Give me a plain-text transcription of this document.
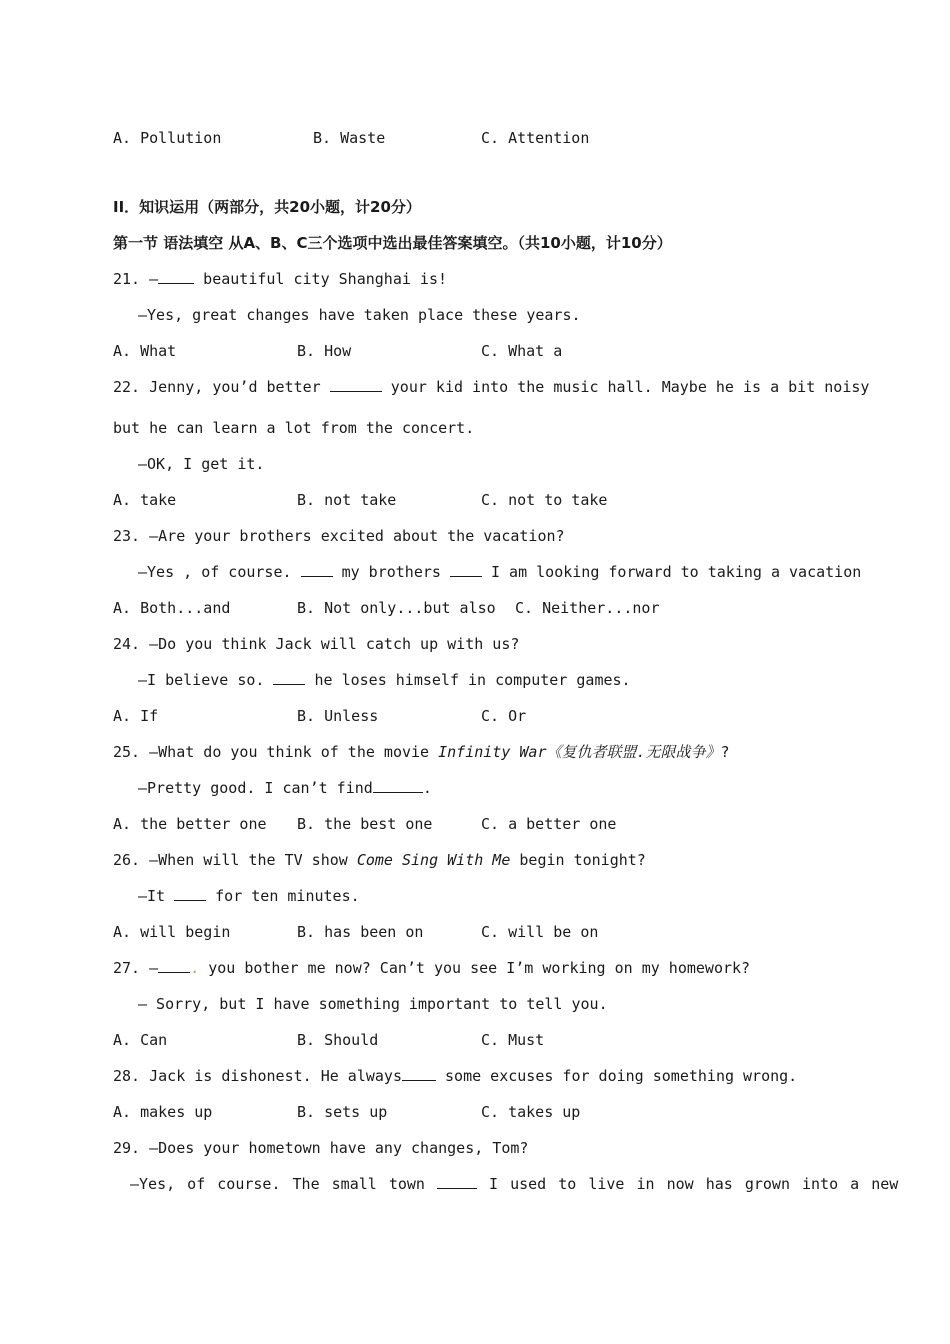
A. Pollution	B. Waste	C. Attention
II．知识运用（两部分，共20小题，计20分）
第一节 语法填空 从A、B、C三个选项中选出最佳答案填空。（共10小题，计10分）
21. — beautiful city Shanghai is!
—Yes, great changes have taken place these years.
A. What	B. How	C. What a
22. Jenny, you’d better	your kid into the music hall. Maybe he is a bit noisy
but he can learn a lot from the concert.
—OK, I get it.
A. take	B. not take	C. not to take
23. —Are your brothers excited about the vacation?
—Yes , of course.  my brothers  I am looking forward to taking a vacation
A. Both...and	B. Not only...but also C. Neither...nor
24. —Do you think Jack will catch up with us?
—I believe so.  he loses himself in computer games.
A. If	B. Unless	C. Or
25. —What do you think of the movie Infinity War《复仇者联盟.无限战争》?
—Pretty good. I can’t find	.
A. the better one B. the best one	C. a better one
26. —When will the TV show Come Sing With Me begin tonight?
—It  for ten minutes.
A. will begin	B. has been on	C. will be on
27. — . you bother me now? Can’t you see I’m working on my homework?
— Sorry, but I have something important to tell you.
A. Can	B. Should	C. Must
28. Jack is dishonest. He always some excuses for doing something wrong.
A. makes up	B. sets up	C. takes up
29. —Does your hometown have any changes, Tom?
—Yes, of course. The small town	I used to live in now has grown into a new
